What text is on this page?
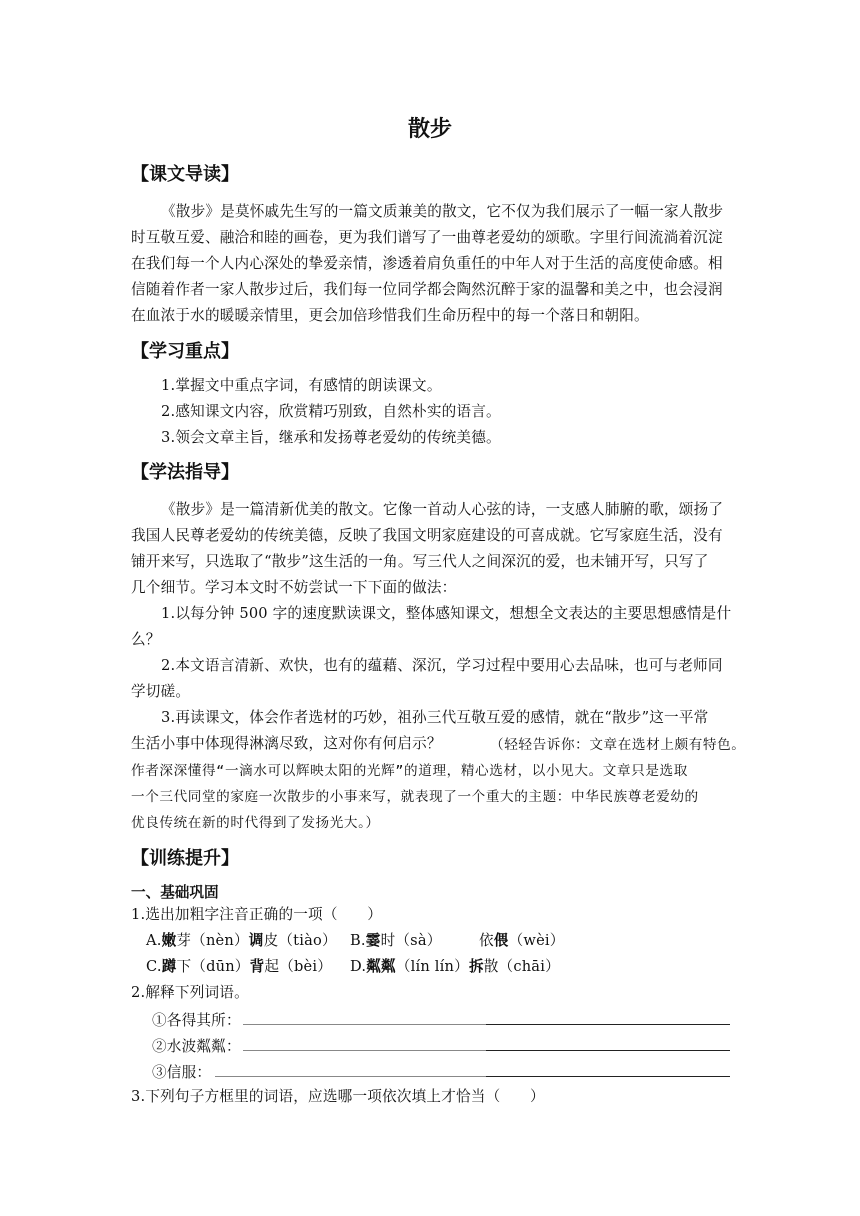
散步
【课文导读】
《散步》是莫怀戚先生写的一篇文质兼美的散文，它不仅为我们展示了一幅一家人散步
时互敬互爱、融洽和睦的画卷，更为我们谱写了一曲尊老爱幼的颂歌。字里行间流淌着沉淀
在我们每一个人内心深处的挚爱亲情，渗透着肩负重任的中年人对于生活的高度使命感。相
信随着作者一家人散步过后，我们每一位同学都会陶然沉醉于家的温馨和美之中，也会浸润
在血浓于水的暖暖亲情里，更会加倍珍惜我们生命历程中的每一个落日和朝阳。
【学习重点】
1.掌握文中重点字词，有感情的朗读课文。
2.感知课文内容，欣赏精巧别致，自然朴实的语言。
3.领会文章主旨，继承和发扬尊老爱幼的传统美德。
【学法指导】
《散步》是一篇清新优美的散文。它像一首动人心弦的诗，一支感人肺腑的歌，颂扬了
我国人民尊老爱幼的传统美德，反映了我国文明家庭建设的可喜成就。它写家庭生活，没有
铺开来写，只选取了“散步”这生活的一角。写三代人之间深沉的爱，也未铺开写，只写了
几个细节。学习本文时不妨尝试一下下面的做法：
1.以每分钟 500 字的速度默读课文，整体感知课文，想想全文表达的主要思想感情是什
么？
2.本文语言清新、欢快，也有的蕴藉、深沉，学习过程中要用心去品味，也可与老师同
学切磋。
3.再读课文，体会作者选材的巧妙，祖孙三代互敬互爱的感情，就在“散步”这一平常
生活小事中体现得淋漓尽致，这对你有何启示？	（轻轻告诉你：文章在选材上颇有特色。
作者深深懂得“一滴水可以辉映太阳的光辉”的道理，精心选材，以小见大。文章只是选取
一个三代同堂的家庭一次散步的小事来写，就表现了一个重大的主题：中华民族尊老爱幼的
优良传统在新的时代得到了发扬光大。）
【训练提升】
一、基础巩固
1.选出加粗字注音正确的一项（　　）
A.嫩芽（nèn）调皮（tiào） B.霎时（sà）	依偎（wèi）
C.蹲下（dūn）背起（bèi） D.粼粼（lín lín）拆散（chāi）
2.解释下列词语。
①各得其所：
②水波粼粼：
③信服：
3.下列句子方框里的词语，应选哪一项依次填上才恰当（　　）
